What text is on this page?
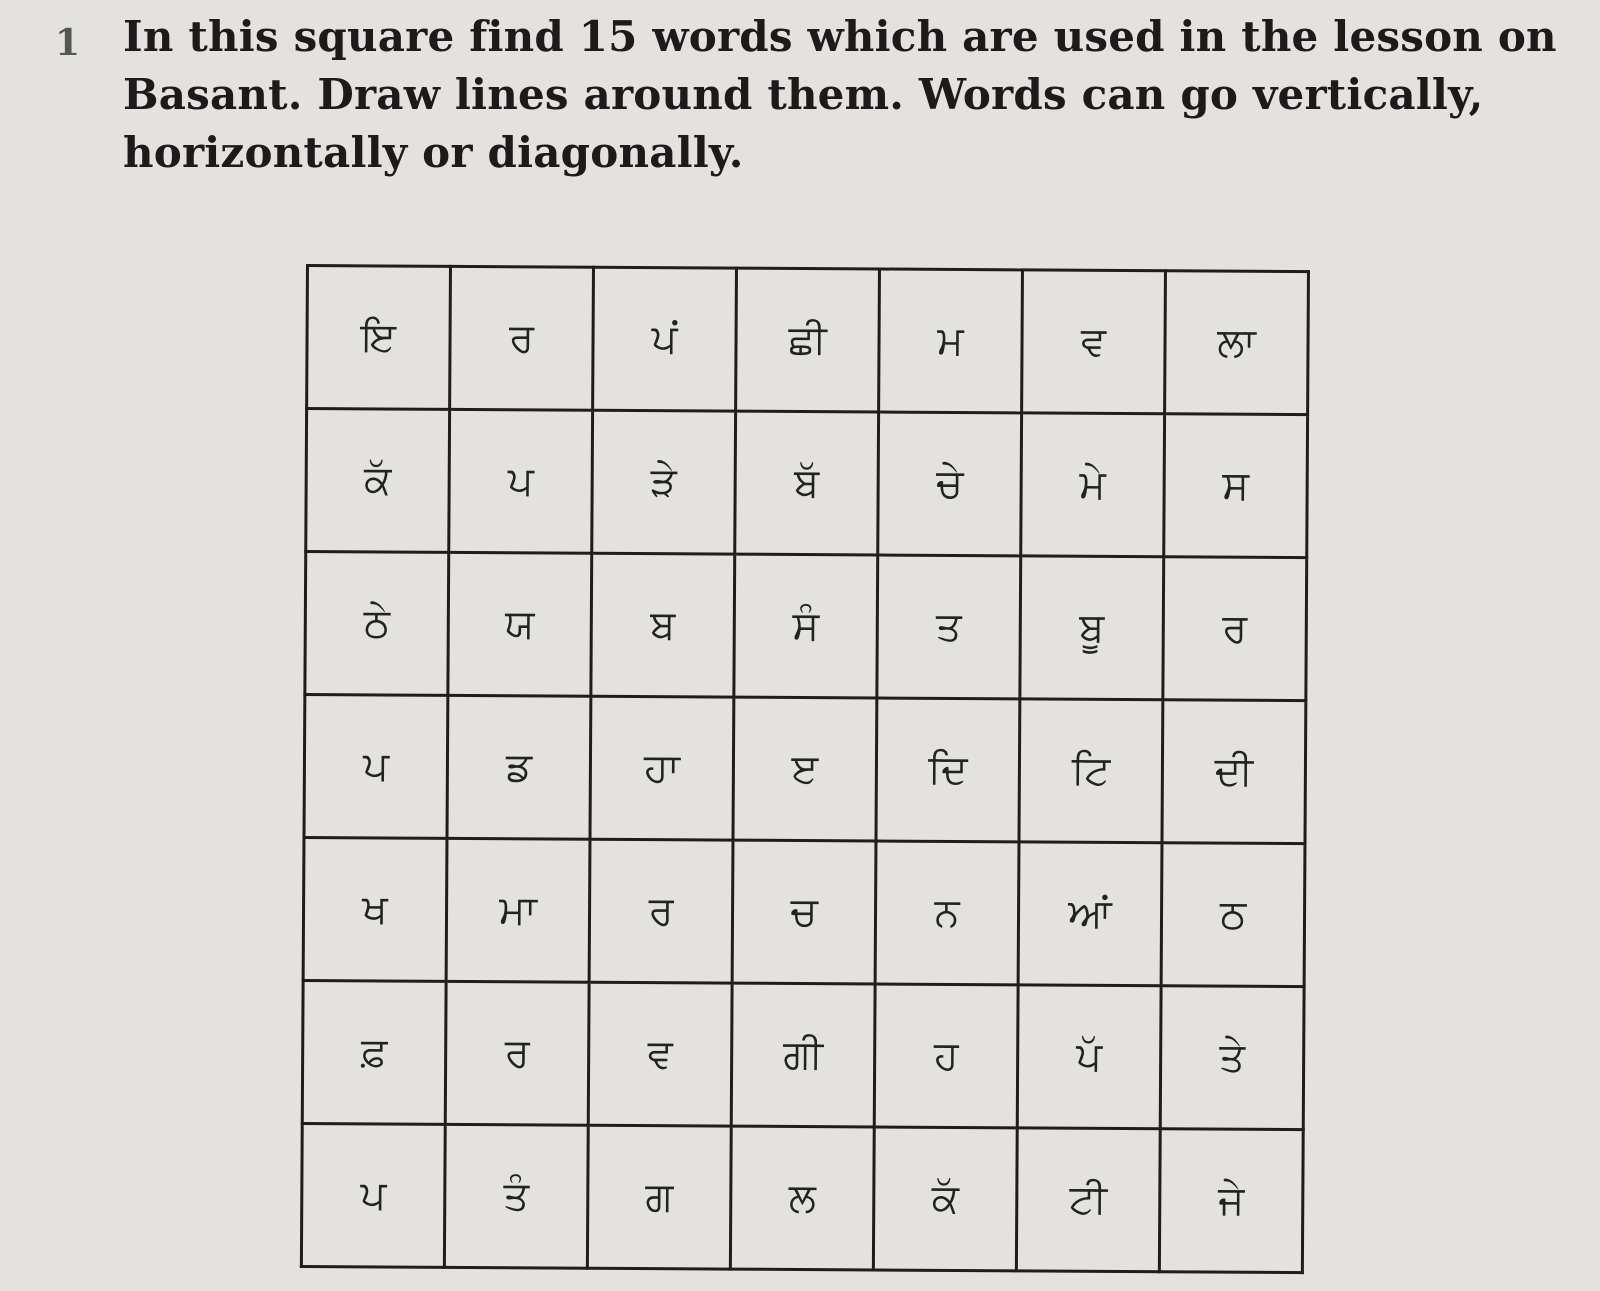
1 In this square find 15 words which are used in the lesson on Basant. Draw lines around them. Words can go vertically, horizontally or diagonally.
ਇ	ਰ	ਪਂ	ਛੀ	ਮ	ਵ	ਲਾ
ਕੱ	ਪ	ੜੇ	ਬੱ	ਚੇ	ਮੇ	ਸ
ਠੇ	ਯ	ਬ	ਸੰ	ਤ	ਬੂ	ਰ
ਪ	ਡ	ਹਾ	ੲ	ਦਿ	ਟਿ	ਦੀ
ਖ	ਮਾ	ਰ	ਚ	ਨ	ਆਂ	ਠ
ਫ਼	ਰ	ਵ	ਗੀ	ਹ	ਪੱ	ਤੇ
ਪ	ਤੰ	ਗ	ਲ	ਕੱ	ਟੀ	ਜੇ
